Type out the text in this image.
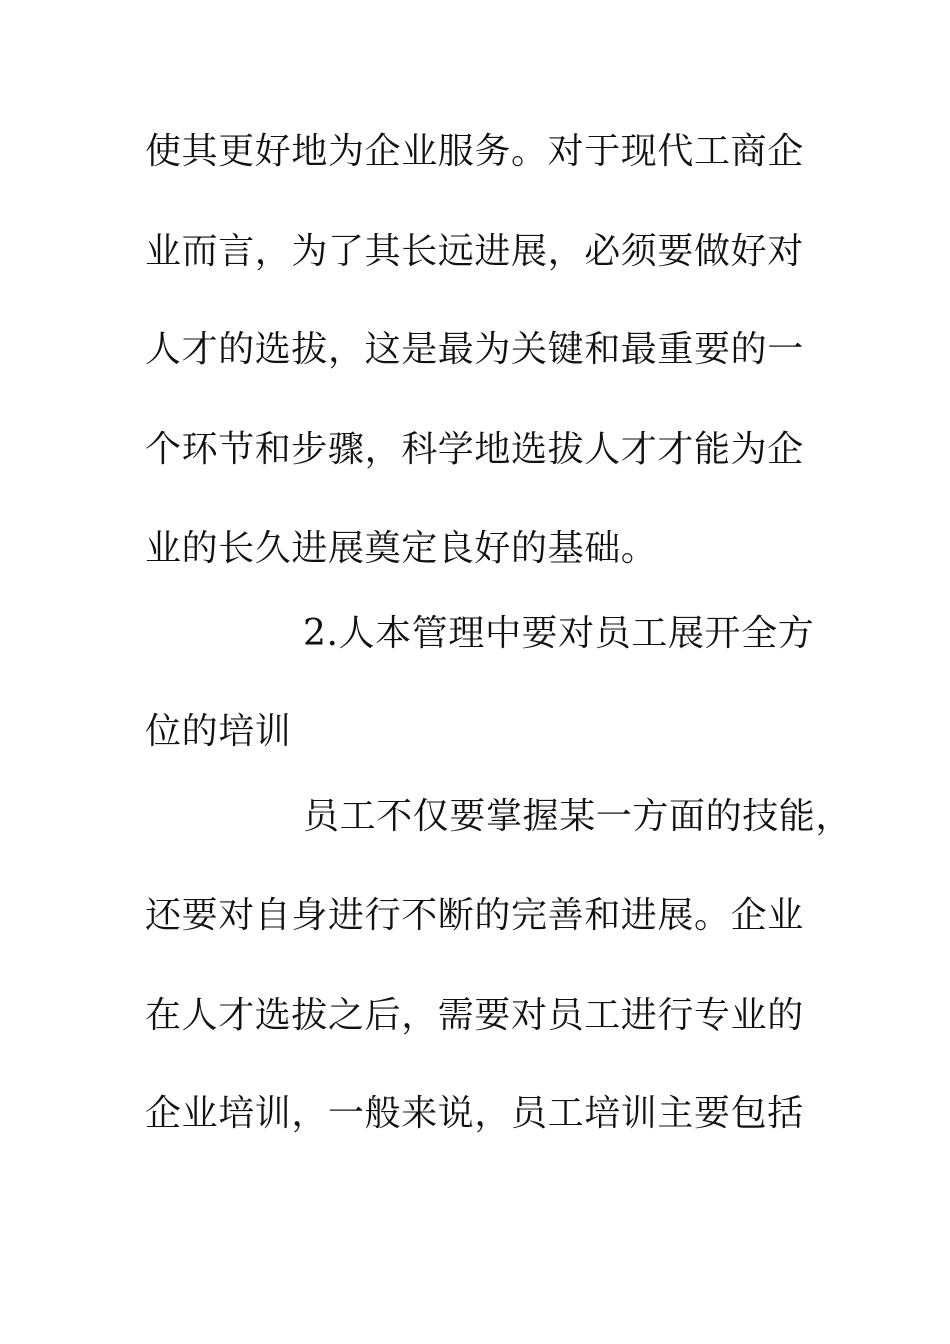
使其更好地为企业服务。对于现代工商企

业而言，为了其长远进展，必须要做好对

人才的选拔，这是最为关键和最重要的一

个环节和步骤，科学地选拔人才才能为企

业的长久进展奠定良好的基础。

2.人本管理中要对员工展开全方

位的培训

员工不仅要掌握某一方面的技能，

还要对自身进行不断的完善和进展。企业

在人才选拔之后，需要对员工进行专业的

企业培训，一般来说，员工培训主要包括
